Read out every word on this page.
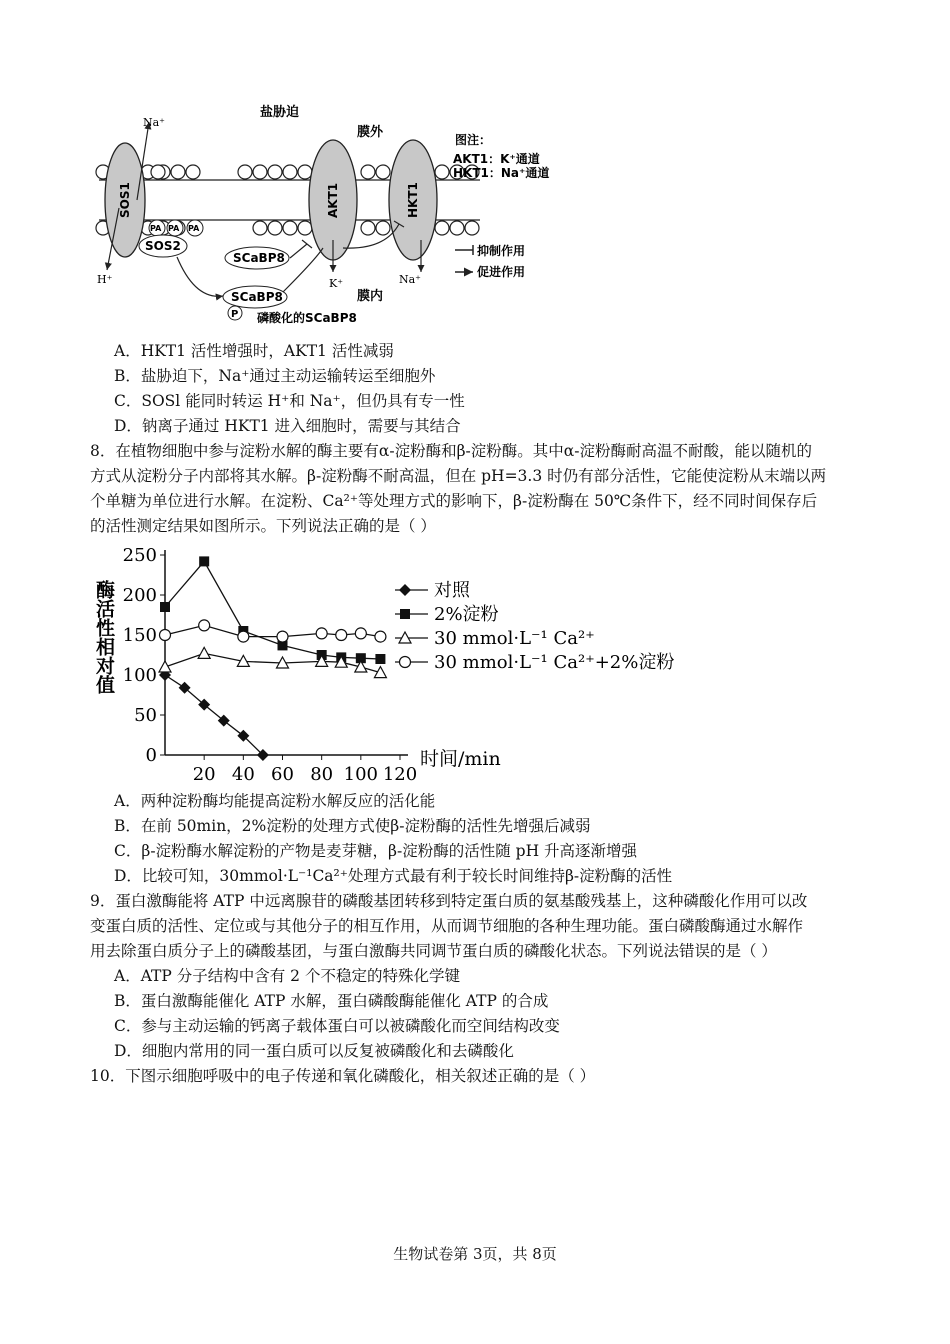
SOS1	AKT1	HKT1
PA PA PA
SOS2
SCaBP8
SCaBP8
P 磷酸化的SCaBP8
盐胁迫
膜外
膜内
Na⁺
H⁺	K⁺	Na⁺
图注：
AKT1：K⁺通道
HKT1：Na⁺通道
抑制作用
促进作用
A．HKT1 活性增强时，AKT1 活性减弱
B．盐胁迫下，Na⁺通过主动运输转运至细胞外
C．SOSl 能同时转运 H⁺和 Na⁺，但仍具有专一性
D．钠离子通过 HKT1 进入细胞时，需要与其结合
8．在植物细胞中参与淀粉水解的酶主要有α-淀粉酶和β-淀粉酶。其中α-淀粉酶耐高温不耐酸，能以随机的
方式从淀粉分子内部将其水解。β-淀粉酶不耐高温，但在 pH=3.3 时仍有部分活性，它能使淀粉从末端以两
个单糖为单位进行水解。在淀粉、Ca²⁺等处理方式的影响下，β-淀粉酶在 50℃条件下，经不同时间保存后
的活性测定结果如图所示。下列说法正确的是（ ）
0
50
100
150
200
250
20 40 60 80 100 120
对照
2%淀粉
30 mmol·L⁻¹ Ca²⁺
30 mmol·L⁻¹ Ca²⁺+2%淀粉
酶活性相对值
时间/min
A．两种淀粉酶均能提高淀粉水解反应的活化能
B．在前 50min，2%淀粉的处理方式使β-淀粉酶的活性先增强后减弱
C．β-淀粉酶水解淀粉的产物是麦芽糖，β-淀粉酶的活性随 pH 升高逐渐增强
D．比较可知，30mmol·L⁻¹Ca²⁺处理方式最有利于较长时间维持β-淀粉酶的活性
9．蛋白激酶能将 ATP 中远离腺苷的磷酸基团转移到特定蛋白质的氨基酸残基上，这种磷酸化作用可以改
变蛋白质的活性、定位或与其他分子的相互作用，从而调节细胞的各种生理功能。蛋白磷酸酶通过水解作
用去除蛋白质分子上的磷酸基团，与蛋白激酶共同调节蛋白质的磷酸化状态。下列说法错误的是（ ）
A．ATP 分子结构中含有 2 个不稳定的特殊化学键
B．蛋白激酶能催化 ATP 水解，蛋白磷酸酶能催化 ATP 的合成
C．参与主动运输的钙离子载体蛋白可以被磷酸化而空间结构改变
D．细胞内常用的同一蛋白质可以反复被磷酸化和去磷酸化
10．下图示细胞呼吸中的电子传递和氧化磷酸化，相关叙述正确的是（ ）
生物试卷第 3页，共 8页
